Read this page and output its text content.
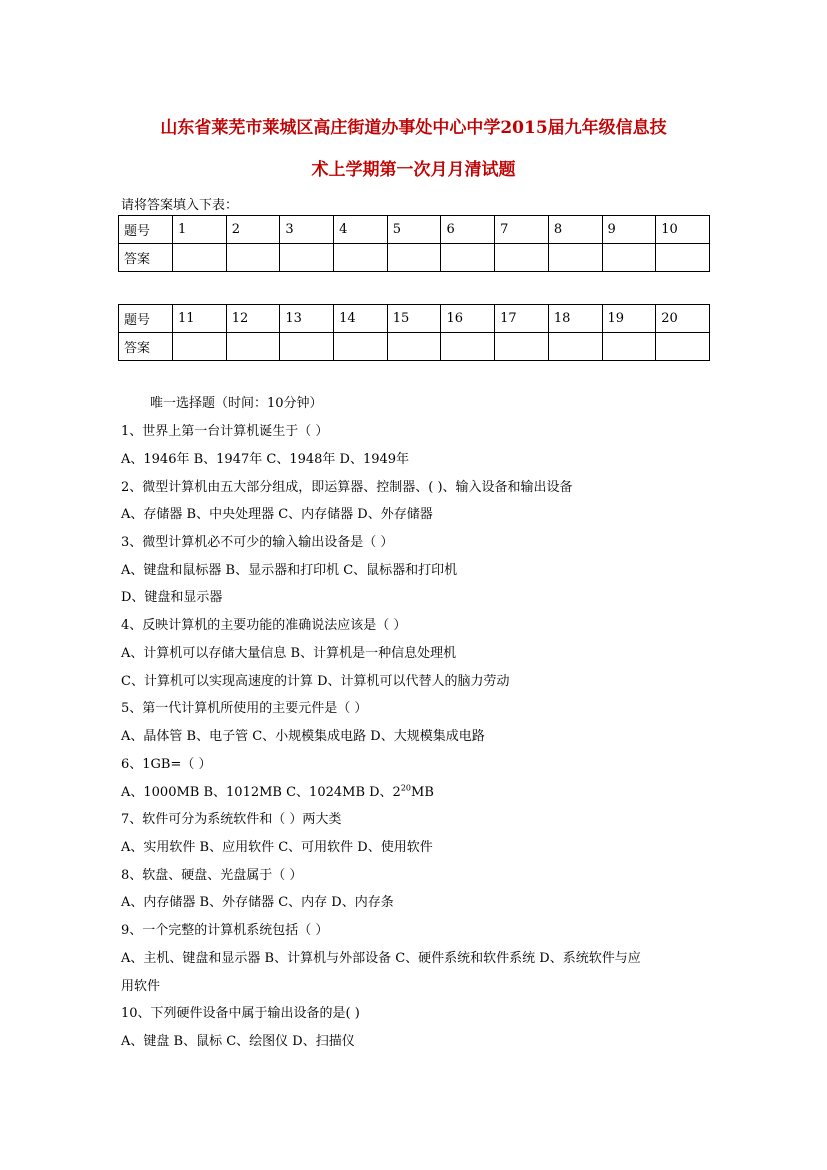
山东省莱芜市莱城区高庄街道办事处中心中学2015届九年级信息技
术上学期第一次月月清试题
请将答案填入下表：
题号	1	2	3	4	5	6	7	8	9	10
答案										
题号	11	12	13	14	15	16	17	18	19	20
答案										
唯一选择题（时间：10分钟）

1、世界上第一台计算机诞生于（ ）

A、1946年 B、1947年 C、1948年 D、1949年

2、微型计算机由五大部分组成，即运算器、控制器、( )、输入设备和输出设备

A、存储器 B、中央处理器 C、内存储器 D、外存储器

3、微型计算机必不可少的输入输出设备是（ ）

A、键盘和鼠标器 B、显示器和打印机 C、鼠标器和打印机

D、键盘和显示器

4、反映计算机的主要功能的准确说法应该是（ ）

A、计算机可以存储大量信息 B、计算机是一种信息处理机

C、计算机可以实现高速度的计算 D、计算机可以代替人的脑力劳动

5、第一代计算机所使用的主要元件是（ ）

A、晶体管 B、电子管 C、小规模集成电路 D、大规模集成电路

6、1GB=（ ）

A、1000MB B、1012MB C、1024MB D、$2^{20}MB$

7、软件可分为系统软件和（ ）两大类

A、实用软件 B、应用软件 C、可用软件 D、使用软件

8、软盘、硬盘、光盘属于（ ）

A、内存储器 B、外存储器 C、内存 D、内存条

9、一个完整的计算机系统包括（ ）

A、主机、键盘和显示器 B、计算机与外部设备 C、硬件系统和软件系统 D、系统软件与应

用软件

10、下列硬件设备中属于输出设备的是( )

A、键盘 B、鼠标 C、绘图仪 D、扫描仪
